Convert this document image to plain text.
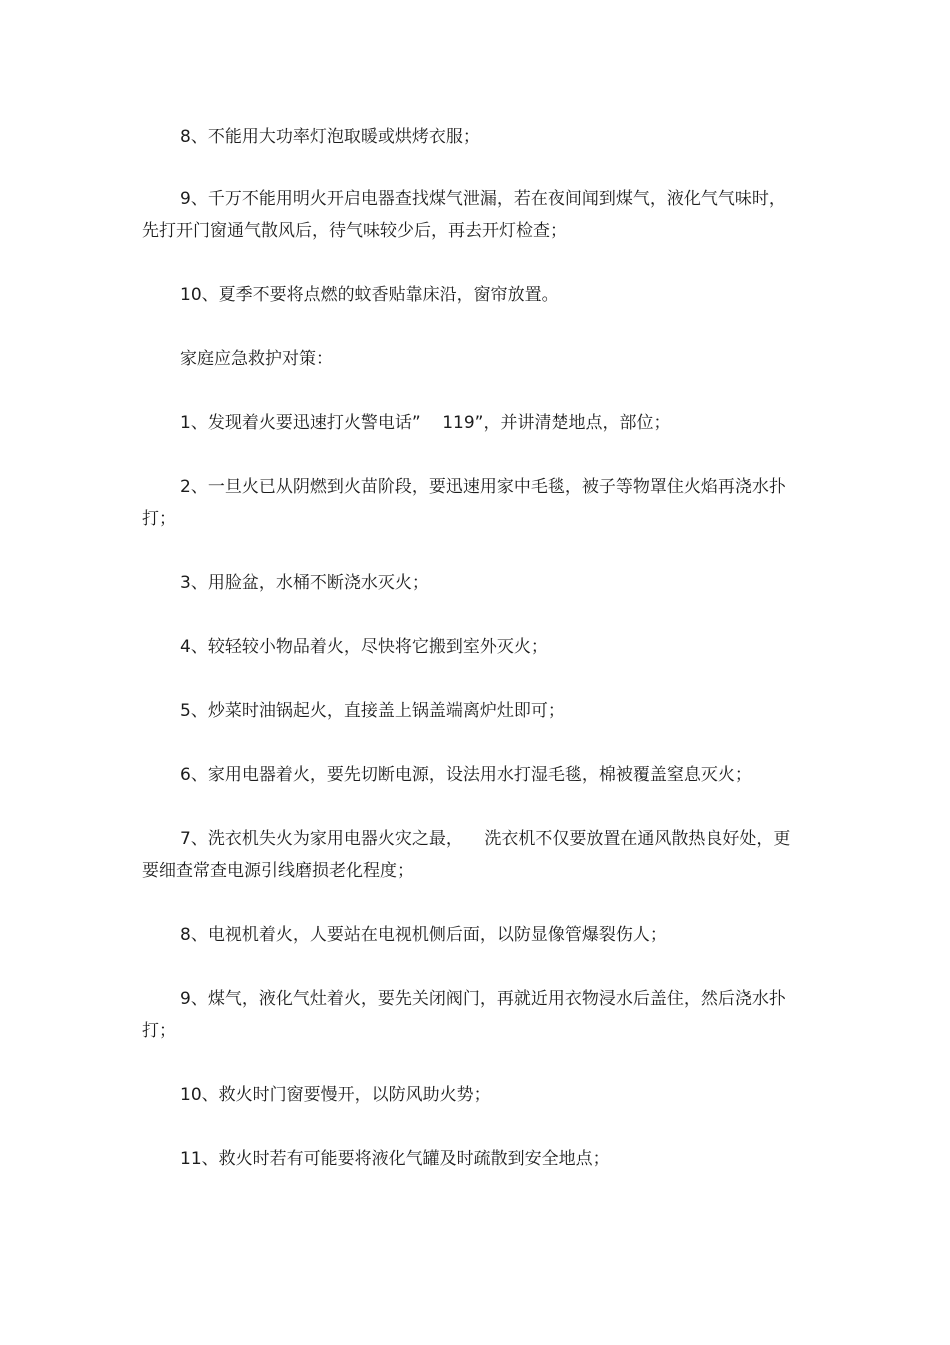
8、不能用大功率灯泡取暖或烘烤衣服；

9、千万不能用明火开启电器查找煤气泄漏，若在夜间闻到煤气，液化气气味时，先打开门窗通气散风后，待气味较少后，再去开灯检查；

10、夏季不要将点燃的蚊香贴靠床沿，窗帘放置。

家庭应急救护对策：

1、发现着火要迅速打火警电话”    119”，并讲清楚地点，部位；

2、一旦火已从阴燃到火苗阶段，要迅速用家中毛毯，被子等物罩住火焰再浇水扑打；

3、用脸盆，水桶不断浇水灭火；

4、较轻较小物品着火，尽快将它搬到室外灭火；

5、炒菜时油锅起火，直接盖上锅盖端离炉灶即可；

6、家用电器着火，要先切断电源，设法用水打湿毛毯，棉被覆盖窒息灭火；

7、洗衣机失火为家用电器火灾之最，    洗衣机不仅要放置在通风散热良好处，更要细查常查电源引线磨损老化程度；

8、电视机着火，人要站在电视机侧后面，以防显像管爆裂伤人；

9、煤气，液化气灶着火，要先关闭阀门，再就近用衣物浸水后盖住，然后浇水扑打；

10、救火时门窗要慢开，以防风助火势；

11、救火时若有可能要将液化气罐及时疏散到安全地点；
